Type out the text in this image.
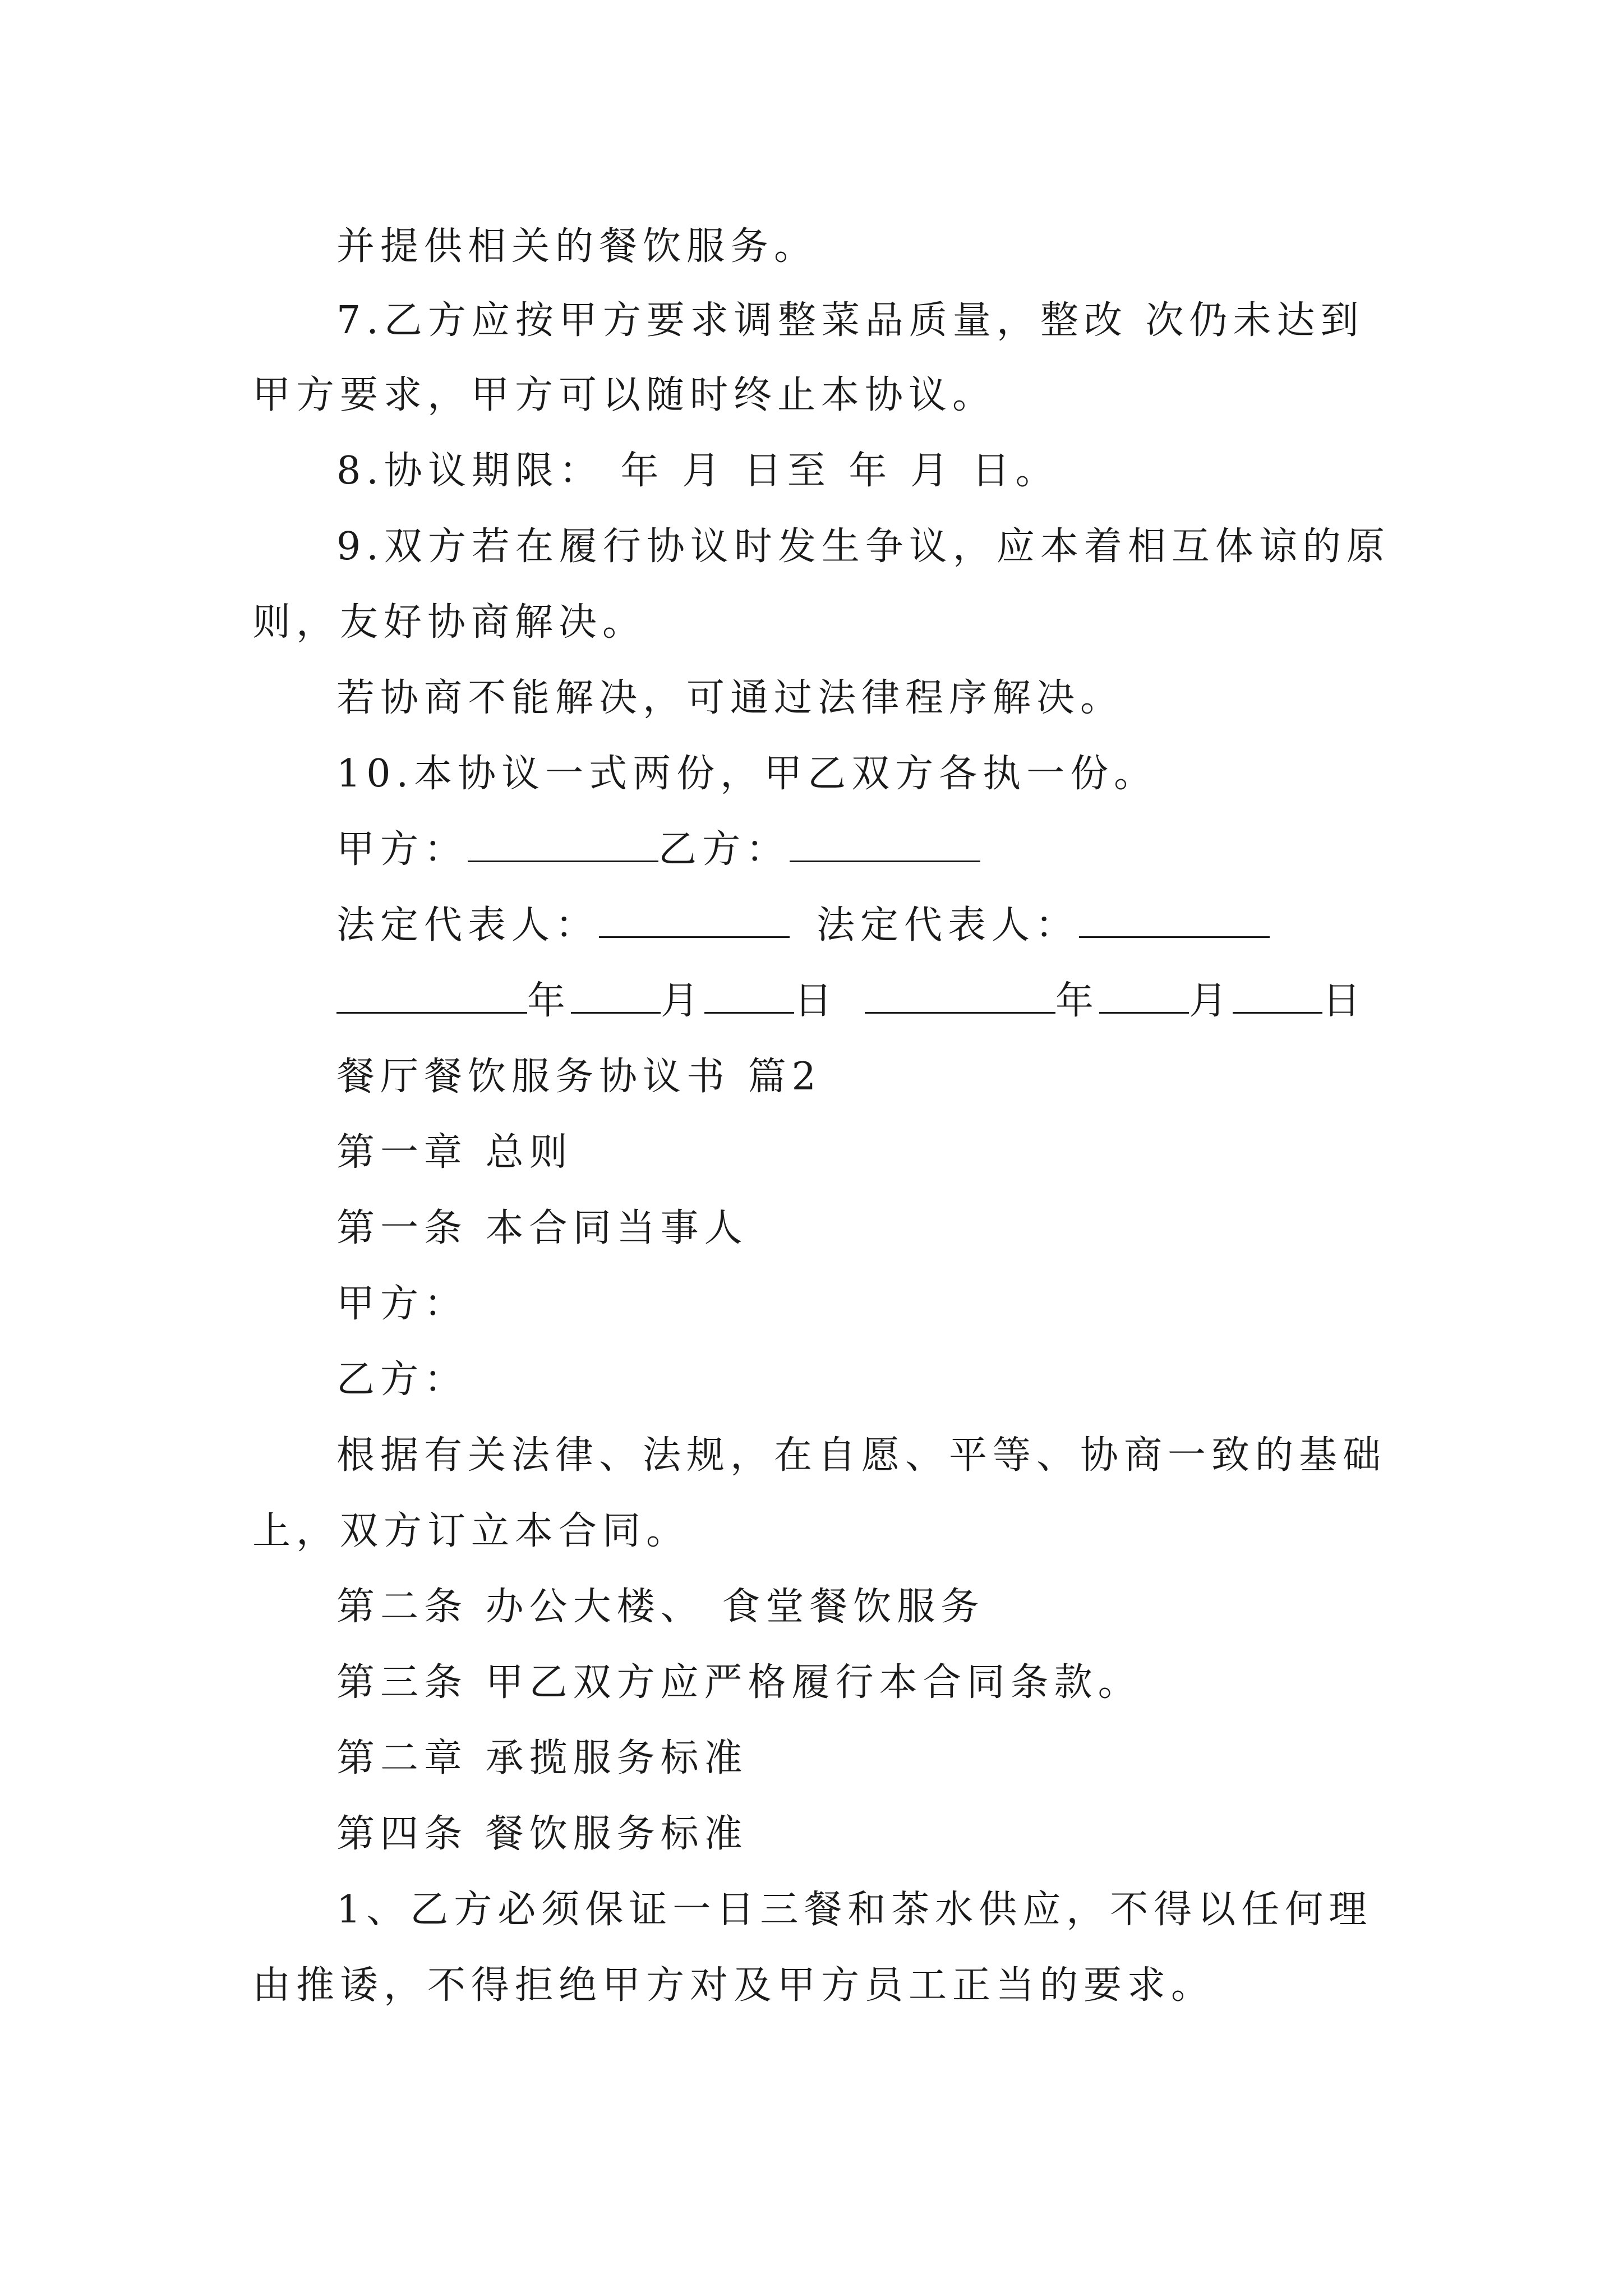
并提供相关的餐饮服务。

7.乙方应按甲方要求调整菜品质量，整改 次仍未达到

甲方要求，甲方可以随时终止本协议。

8.协议期限： 年 月 日至 年 月 日。

9.双方若在履行协议时发生争议，应本着相互体谅的原

则，友好协商解决。

若协商不能解决，可通过法律程序解决。

10.本协议一式两份，甲乙双方各执一份。

甲方：	乙方：
法定代表人：	法定代表人：
年 月 日	年 月 日

餐厅餐饮服务协议书 篇2

第一章 总则

第一条 本合同当事人

甲方：

乙方：

根据有关法律、法规，在自愿、平等、协商一致的基础

上，双方订立本合同。

第二条 办公大楼、 食堂餐饮服务

第三条 甲乙双方应严格履行本合同条款。

第二章 承揽服务标准

第四条 餐饮服务标准

1、乙方必须保证一日三餐和茶水供应，不得以任何理

由推诿，不得拒绝甲方对及甲方员工正当的要求。
